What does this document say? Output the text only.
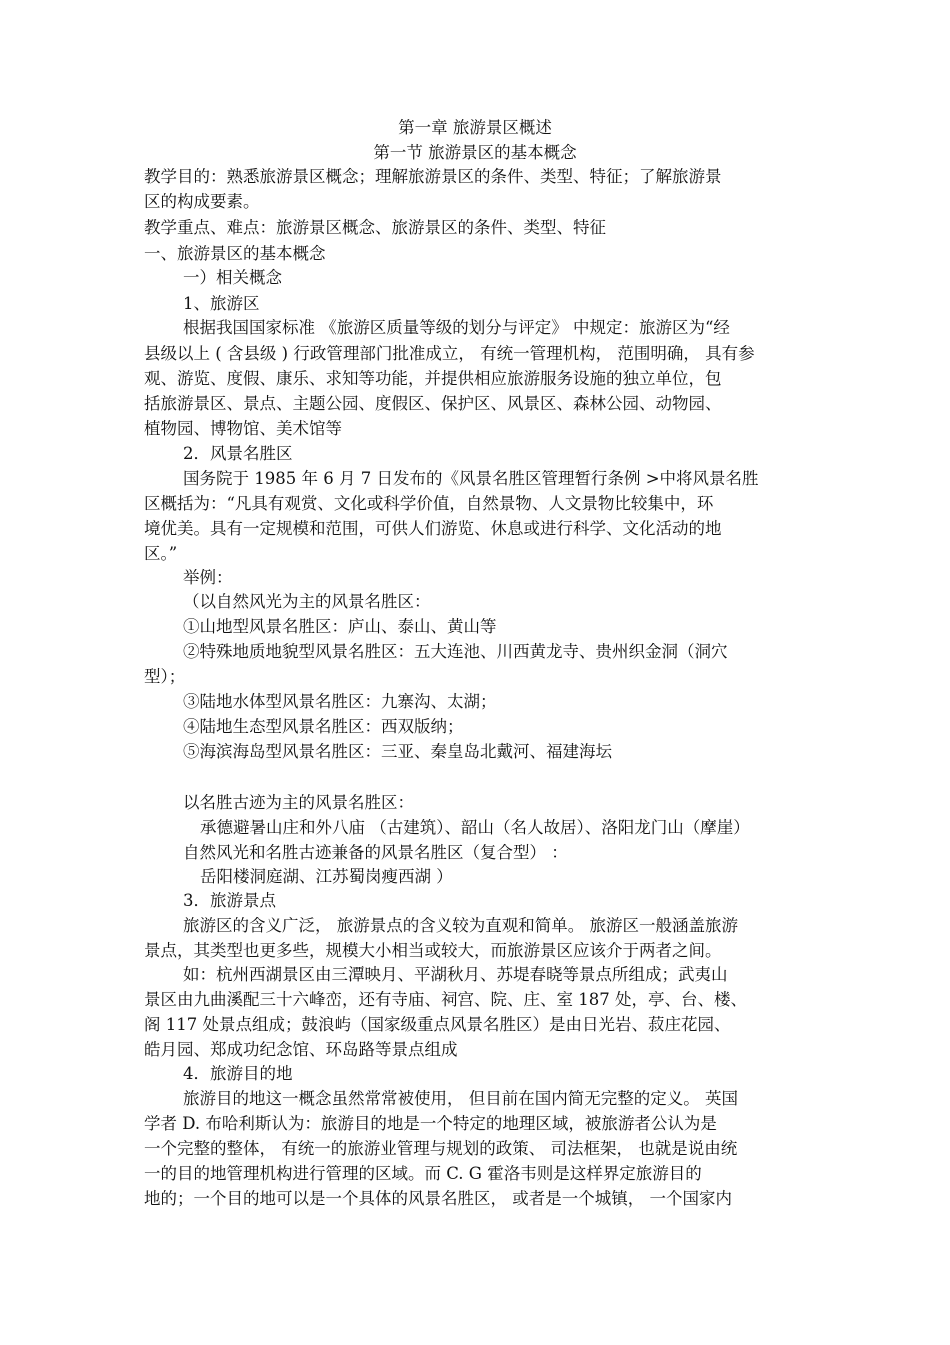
第一章 旅游景区概述
第一节 旅游景区的基本概念
教学目的：熟悉旅游景区概念；理解旅游景区的条件、类型、特征；了解旅游景
区的构成要素。
教学重点、难点：旅游景区概念、旅游景区的条件、类型、特征
一、旅游景区的基本概念
一）相关概念
1、旅游区
根据我国国家标准 《旅游区质量等级的划分与评定》 中规定：旅游区为“经
县级以上 ( 含县级 ) 行政管理部门批准成立， 有统一管理机构， 范围明确， 具有参
观、游览、度假、康乐、求知等功能，并提供相应旅游服务设施的独立单位，包
括旅游景区、景点、主题公园、度假区、保护区、风景区、森林公园、动物园、
植物园、博物馆、美术馆等
2．风景名胜区
国务院于 1985 年 6 月 7 日发布的《风景名胜区管理暂行条例 >中将风景名胜
区概括为：“凡具有观赏、文化或科学价值，自然景物、人文景物比较集中，环
境优美。具有一定规模和范围，可供人们游览、休息或进行科学、文化活动的地
区。”
举例：
（以自然风光为主的风景名胜区：
①山地型风景名胜区：庐山、泰山、黄山等
②特殊地质地貌型风景名胜区：五大连池、川西黄龙寺、贵州织金洞（洞穴
型）；
③陆地水体型风景名胜区：九寨沟、太湖；
④陆地生态型风景名胜区：西双版纳；
⑤海滨海岛型风景名胜区：三亚、秦皇岛北戴河、福建海坛
以名胜古迹为主的风景名胜区：
承德避暑山庄和外八庙 （古建筑）、韶山（名人故居）、洛阳龙门山（摩崖）
自然风光和名胜古迹兼备的风景名胜区（复合型） ：
岳阳楼洞庭湖、江苏蜀岗瘦西湖 ）
3．旅游景点
旅游区的含义广泛， 旅游景点的含义较为直观和简单。 旅游区一般涵盖旅游
景点，其类型也更多些，规模大小相当或较大，而旅游景区应该介于两者之间。
如：杭州西湖景区由三潭映月、平湖秋月、苏堤春晓等景点所组成；武夷山
景区由九曲溪配三十六峰峦，还有寺庙、祠宫、院、庄、室 187 处，亭、台、楼、
阁 117 处景点组成；鼓浪屿（国家级重点风景名胜区）是由日光岩、菽庄花园、
皓月园、郑成功纪念馆、环岛路等景点组成
4．旅游目的地
旅游目的地这一概念虽然常常被使用， 但目前在国内简无完整的定义。 英国
学者 D. 布哈利斯认为：旅游目的地是一个特定的地理区域，被旅游者公认为是
一个完整的整体， 有统一的旅游业管理与规划的政策、 司法框架， 也就是说由统
一的目的地管理机构进行管理的区域。而 C. G 霍洛韦则是这样界定旅游目的
地的；一个目的地可以是一个具体的风景名胜区， 或者是一个城镇， 一个国家内
